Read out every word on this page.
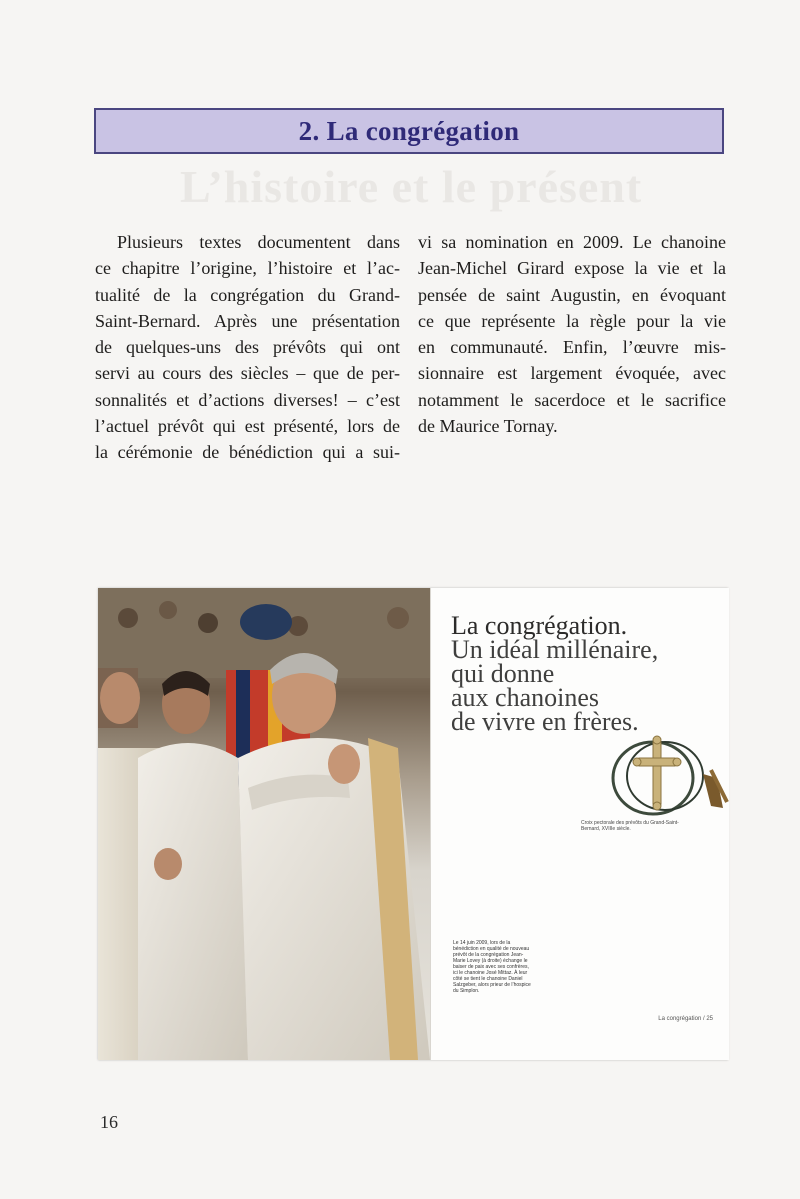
L’histoire et le présent
2. La congrégation

Plusieurs textes documentent dans
ce chapitre l’origine, l’histoire et l’ac-
tualité de la congrégation du Grand-
Saint-Bernard. Après une présentation
de quelques-uns des prévôts qui ont
servi au cours des siècles – que de per-
sonnalités et d’actions diverses! – c’est
l’actuel prévôt qui est présenté, lors de
la cérémonie de bénédiction qui a sui-

vi sa nomination en 2009. Le chanoine
Jean-Michel Girard expose la vie et la
pensée de saint Augustin, en évoquant
ce que représente la règle pour la vie
en communauté. Enfin, l’œuvre mis-
sionnaire est largement évoquée, avec
notamment le sacerdoce et le sacrifice
de Maurice Tornay.

La congrégation.
Un idéal millénaire,
qui donne
aux chanoines
de vivre en frères.
Croix pectorale des prévôts du Grand-Saint-Bernard, XVIIIe siècle.
Le 14 juin 2009, lors de la bénédiction en qualité de nouveau prévôt de la congrégation Jean-Marie Lovey (à droite) échange le baiser de paix avec ses confrères, ici le chanoine José Mittaz. À leur côté se tient le chanoine Daniel Salzgeber, alors prieur de l’hospice du Simplon.
La congrégation / 25
16
